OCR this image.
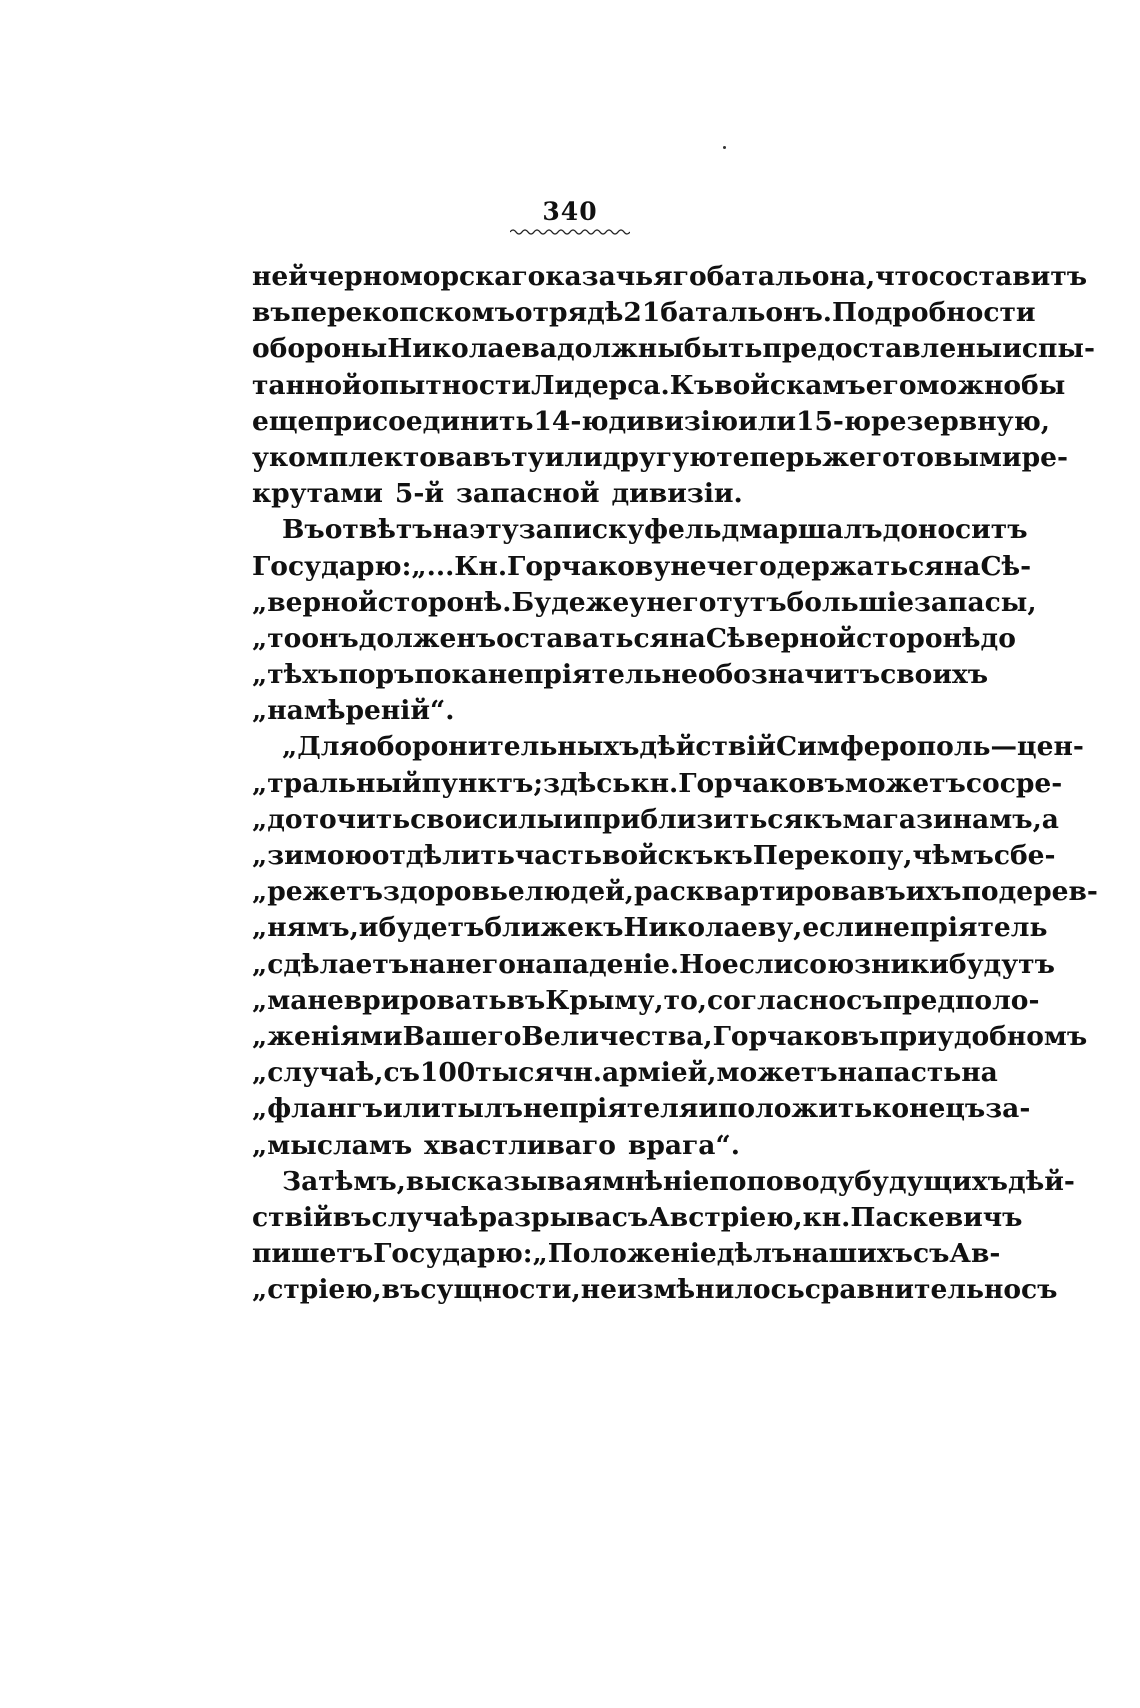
340
ней черноморскаго казачьяго батальона, что составитъ
въ перекопскомъ отрядѣ 21 батальонъ. Подробности
обороны Николаева должны быть предоставлены испы-
танной опытности Лидерса. Къ войскамъ его можно бы
еще присоединить 14-ю дивизію или 15-ю резервную,
укомплектовавъ ту или другую теперь же готовыми ре-
крутами 5-й запасной дивизіи.
Въ отвѣтъ на эту записку фельдмаршалъ доноситъ
Государю: „...Кн. Горчакову нечего держаться на Сѣ-
„верной сторонѣ. Буде же у него тутъ большіе запасы,
„то онъ долженъ оставаться на Сѣверной сторонѣ до
„тѣхъ поръ пока непріятель не обозначитъ своихъ
„намѣреній“.
„Для оборонительныхъ дѣйствій Симферополь—цен-
„тральный пунктъ; здѣсь кн. Горчаковъ можетъ сосре-
„доточить свои силы и приблизиться къ магазинамъ, а
„зимою отдѣлить часть войскъ къ Перекопу, чѣмъ сбе-
„режетъ здоровье людей, расквартировавъ ихъ по дерев-
„нямъ, и будетъ ближе къ Николаеву, если непріятель
„сдѣлаетъ на него нападеніе. Но если союзники будутъ
„маневрировать въ Крыму, то, согласно съ предполо-
„женіями Вашего Величества, Горчаковъ при удобномъ
„случаѣ, съ 100 тысячн. арміей, можетъ напасть на
„флангъ или тылъ непріятеля и положить конецъ за-
„мысламъ хвастливаго врага“.
Затѣмъ, высказывая мнѣніе по поводу будущихъ дѣй-
ствій въ случаѣ разрыва съ Австріею, кн. Паскевичъ
пишетъ Государю: „Положеніе дѣлъ нашихъ съ Ав-
„стріею, въ сущности, не измѣнилось сравнительно съ
